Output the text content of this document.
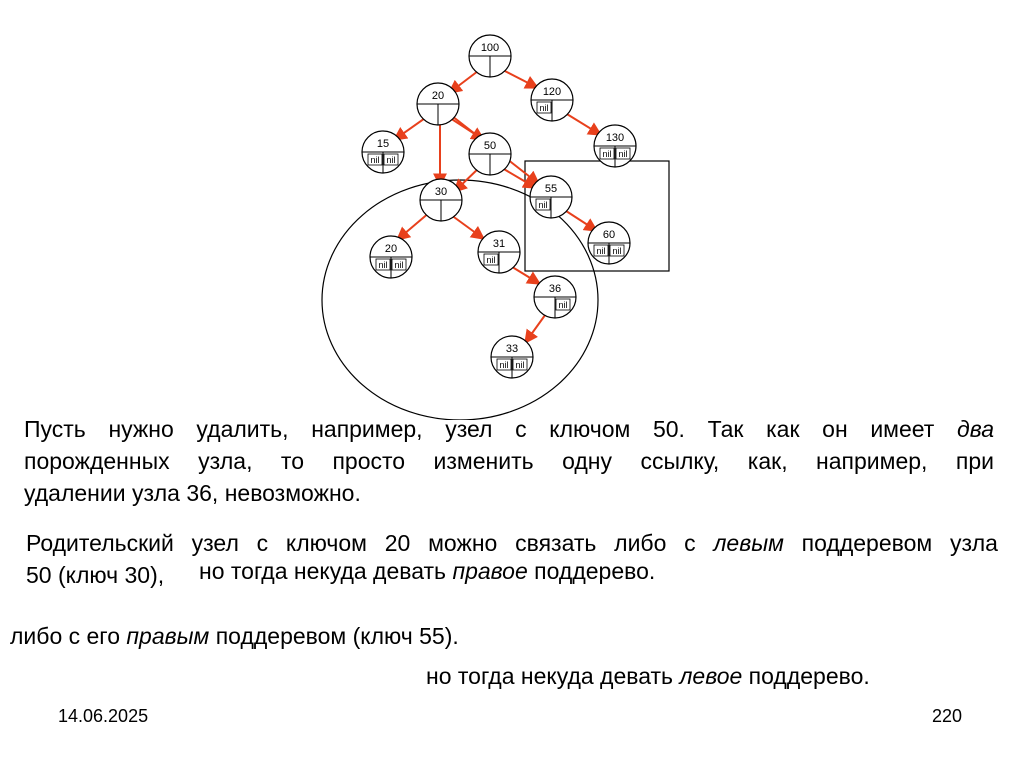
100
120
nil
130
nil nil
20
15
nil nil
50
55
nil
60
nil nil
30
20
nil nil
31
nil
36
nil
33
nil nil
Пусть нужно удалить, например, узел с ключом 50. Так как он имеет два
порожденных узла, то просто изменить одну ссылку, как, например, при
удалении узла 36, невозможно.
Родительский узел с ключом 20 можно связать либо с левым поддеревом узла
50 (ключ 30),	но тогда некуда девать правое поддерево.
либо с его правым поддеревом (ключ 55).
но тогда некуда девать левое поддерево.
14.06.2025	220
